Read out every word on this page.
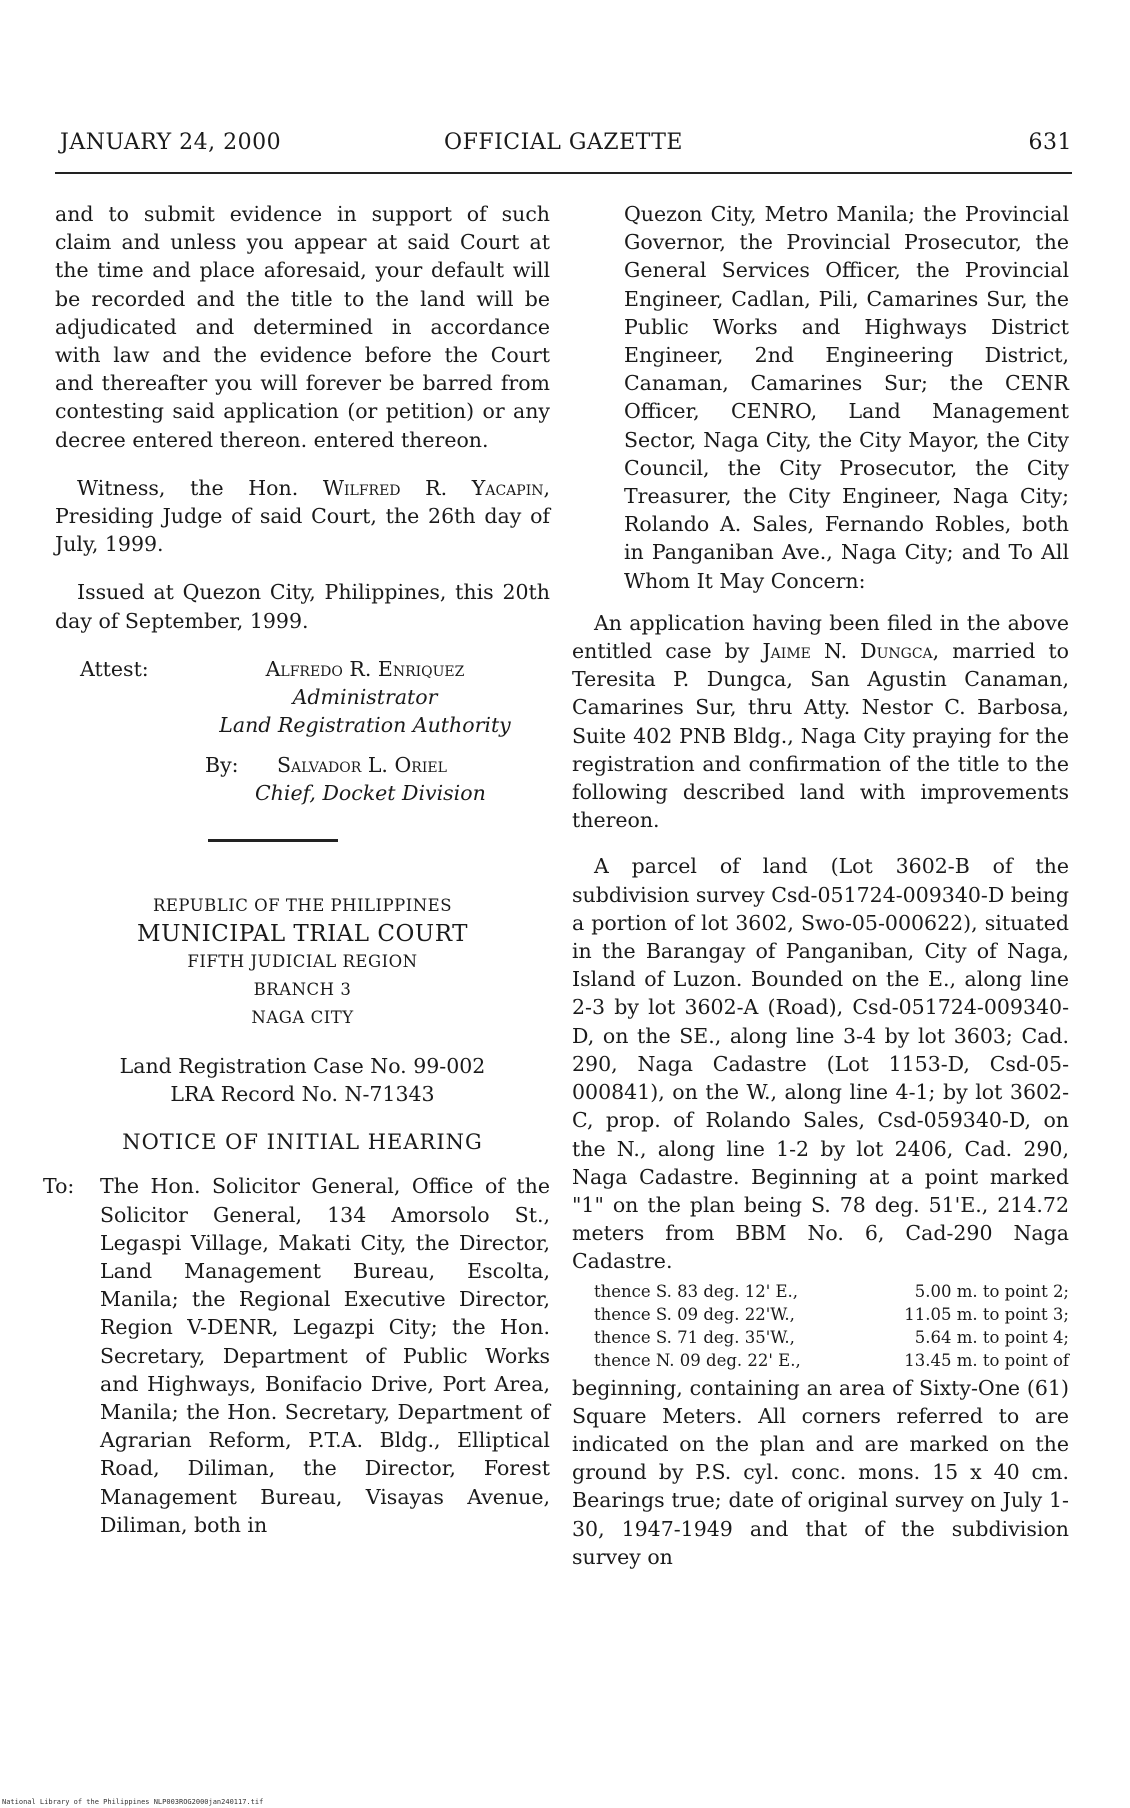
JANUARY 24, 2000	OFFICIAL GAZETTE	631

and to submit evidence in support of such claim and unless you appear at said Court at the time and place aforesaid, your default will be recorded and the title to the land will be adjudicated and determined in accordance with law and the evidence before the Court and thereafter you will forever be barred from contesting said application (or petition) or any decree entered thereon. entered thereon.

Witness, the Hon. Wilfred R. Yacapin, Presiding Judge of said Court, the 26th day of July, 1999.

Issued at Quezon City, Philippines, this 20th day of September, 1999.

Attest:	Alfredo R. Enriquez
Administrator
Land Registration Authority
By: Salvador L. Oriel
Chief, Docket Division
REPUBLIC OF THE PHILIPPINES
MUNICIPAL TRIAL COURT
FIFTH JUDICIAL REGION
BRANCH 3
NAGA CITY
Land Registration Case No. 99-002
LRA Record No. N-71343
NOTICE OF INITIAL HEARING
To: The Hon. Solicitor General, Office of the Solicitor General, 134 Amorsolo St., Legaspi Village, Makati City, the Director, Land Management Bureau, Escolta, Manila; the Regional Executive Director, Region V-DENR, Legazpi City; the Hon. Secretary, Department of Public Works and Highways, Bonifacio Drive, Port Area, Manila; the Hon. Secretary, Department of Agrarian Reform, P.T.A. Bldg., Elliptical Road, Diliman, the Director, Forest Management Bureau, Visayas Avenue, Diliman, both in

Quezon City, Metro Manila; the Provincial Governor, the Provincial Prosecutor, the General Services Officer, the Provincial Engineer, Cadlan, Pili, Camarines Sur, the Public Works and Highways District Engineer, 2nd Engineering District, Canaman, Camarines Sur; the CENR Officer, CENRO, Land Management Sector, Naga City, the City Mayor, the City Council, the City Prosecutor, the City Treasurer, the City Engineer, Naga City; Rolando A. Sales, Fernando Robles, both in Panganiban Ave., Naga City; and To All Whom It May Concern:

An application having been filed in the above entitled case by Jaime N. Dungca, married to Teresita P. Dungca, San Agustin Canaman, Camarines Sur, thru Atty. Nestor C. Barbosa, Suite 402 PNB Bldg., Naga City praying for the registration and confirmation of the title to the following described land with improvements thereon.

A parcel of land (Lot 3602-B of the subdivision survey Csd-051724-009340-D being a portion of lot 3602, Swo-05-000622), situated in the Barangay of Panganiban, City of Naga, Island of Luzon. Bounded on the E., along line 2-3 by lot 3602-A (Road), Csd-051724-009340-D, on the SE., along line 3-4 by lot 3603; Cad. 290, Naga Cadastre (Lot 1153-D, Csd-05-000841), on the W., along line 4-1; by lot 3602-C, prop. of Rolando Sales, Csd-059340-D, on the N., along line 1-2 by lot 2406, Cad. 290, Naga Cadastre. Beginning at a point marked "1" on the plan being S. 78 deg. 51'E., 214.72 meters from BBM No. 6, Cad-290 Naga Cadastre.

thence S. 83 deg. 12' E.,	5.00 m. to point 2;
thence S. 09 deg. 22'W.,	11.05 m. to point 3;
thence S. 71 deg. 35'W.,	5.64 m. to point 4;
thence N. 09 deg. 22' E.,	13.45 m. to point of

beginning, containing an area of Sixty-One (61) Square Meters. All corners referred to are indicated on the plan and are marked on the ground by P.S. cyl. conc. mons. 15 x 40 cm. Bearings true; date of original survey on July 1-30, 1947-1949 and that of the subdivision survey on

National Library of the Philippines NLP003ROG2000jan240117.tif
